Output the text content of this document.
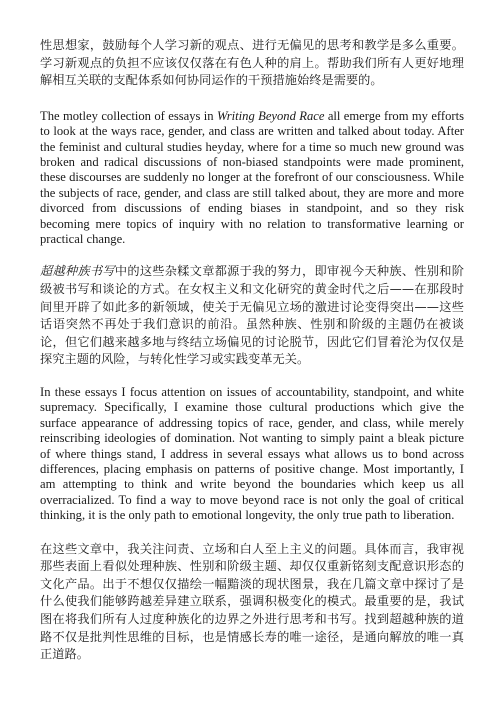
性思想家，鼓励每个人学习新的观点、进行无偏见的思考和教学是多么重要。学习新观点的负担不应该仅仅落在有色人种的肩上。帮助我们所有人更好地理解相互关联的支配体系如何协同运作的干预措施始终是需要的。

The motley collection of essays in Writing Beyond Race all emerge from my efforts to look at the ways race, gender, and class are written and talked about today. After the feminist and cultural studies heyday, where for a time so much new ground was broken and radical discussions of non-biased standpoints were made prominent, these discourses are suddenly no longer at the forefront of our consciousness. While the subjects of race, gender, and class are still talked about, they are more and more divorced from discussions of ending biases in standpoint, and so they risk becoming mere topics of inquiry with no relation to transformative learning or practical change.

超越种族书写中的这些杂糅文章都源于我的努力，即审视今天种族、性别和阶级被书写和谈论的方式。在女权主义和文化研究的黄金时代之后——在那段时间里开辟了如此多的新领域，使关于无偏见立场的激进讨论变得突出——这些话语突然不再处于我们意识的前沿。虽然种族、性别和阶级的主题仍在被谈论，但它们越来越多地与终结立场偏见的讨论脱节，因此它们冒着沦为仅仅是探究主题的风险，与转化性学习或实践变革无关。

In these essays I focus attention on issues of accountability, standpoint, and white supremacy. Specifically, I examine those cultural productions which give the surface appearance of addressing topics of race, gender, and class, while merely reinscribing ideologies of domination. Not wanting to simply paint a bleak picture of where things stand, I address in several essays what allows us to bond across differences, placing emphasis on patterns of positive change. Most importantly, I am attempting to think and write beyond the boundaries which keep us all overracialized. To find a way to move beyond race is not only the goal of critical thinking, it is the only path to emotional longevity, the only true path to liberation.

在这些文章中，我关注问责、立场和白人至上主义的问题。具体而言，我审视那些表面上看似处理种族、性别和阶级主题、却仅仅重新铭刻支配意识形态的文化产品。出于不想仅仅描绘一幅黯淡的现状图景，我在几篇文章中探讨了是什么使我们能够跨越差异建立联系，强调积极变化的模式。最重要的是，我试图在将我们所有人过度种族化的边界之外进行思考和书写。找到超越种族的道路不仅是批判性思维的目标，也是情感长寿的唯一途径，是通向解放的唯一真正道路。
